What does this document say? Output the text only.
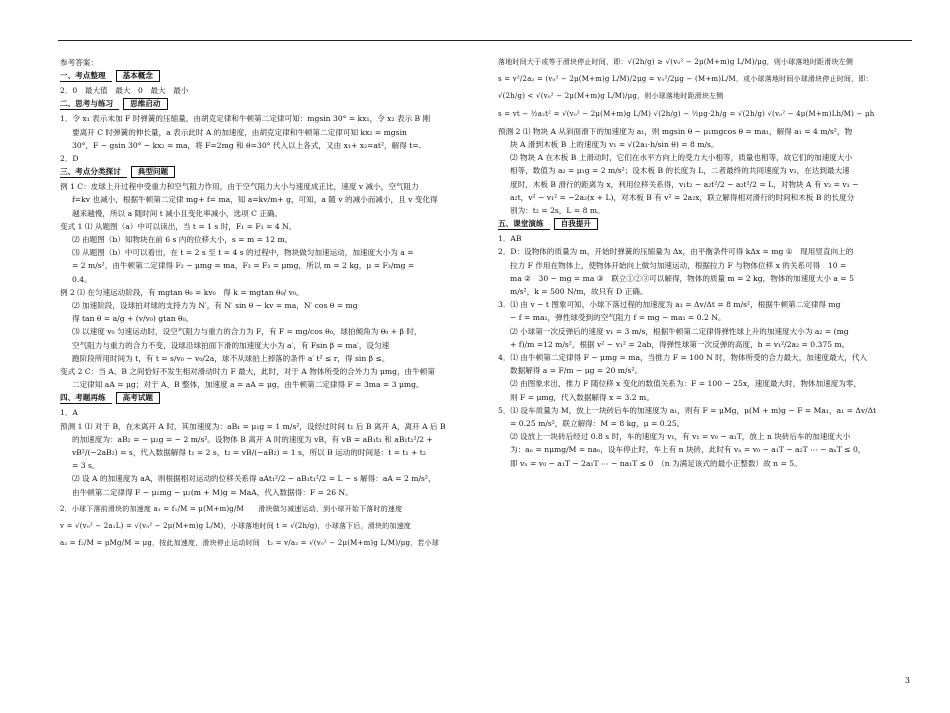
参考答案：

一、考点整理	基本概念

2．0　最大值　最大　0　最大　最小

二、思考与练习	思维启动

1．令 x₁ 表示未加 F 时弹簧的压缩量，由胡克定律和牛顿第二定律可知：mgsin 30° = kx₁，令 x₂ 表示 B 刚

要离开 C 时弹簧的伸长量，a 表示此时 A 的加速度，由胡克定律和牛顿第二定律可知 kx₂ = mgsin

30°，F − gsin 30° − kx₂ = ma，将 F=2mg 和 θ=30° 代入以上各式，又由 x₁+ x₂=at²，解得 t=.

2．D

三、考点分类探讨	典型问题

例 1 C：皮球上升过程中受重力和空气阻力作用，由于空气阻力大小与速度成正比，速度 v 减小，空气阻力

f=kv 也减小，根据牛顿第二定律 mg+ f= ma，知 a=kv/m+ g，可知，a 随 v 的减小而减小，且 v 变化得

越来越慢，所以 a 随时间 t 减小且变化率减小，选项 C 正确。

变式 1 ⑴ 从题图（a）中可以读出，当 t = 1 s 时，F₁ = F₁ = 4 N。

⑵ 由题图（b）知物块在前 6 s 内的位移大小，s = m = 12 m。

⑶ 从题图（b）中可以看出，在 t = 2 s 至 t = 4 s 的过程中，物块做匀加速运动，加速度大小为 a =

= 2 m/s²，由牛顿第二定律得 F₂ − μmg = ma，F₃ = F₃ = μmg，所以 m = 2 kg，μ = F₃/mg =

0.4。

例 2 ⑴ 在匀速运动阶段，有 mgtan θ₀ = kv₀　得 k = mgtan θ₀/ v₀。

⑵ 加速阶段，设球拍对球的支持力为 N′，有 N′ sin θ − kv = ma，N′ cos θ = mg

得 tan θ = a/g + (v/v₀) gtan θ₀。

⑶ 以速度 v₀ 匀速运动时，设空气阻力与重力的合力为 F，有 F = mg/cos θ₀，球拍倾角为 θ₀ + β 时，

空气阻力与重力的合力不变，设球沿球拍面下滑的加速度大小为 a′，有 Fsin β = ma′，设匀速

跑阶段所用时间为 t，有 t = s/v₀ − v₀/2a，球不从球拍上掉落的条件 a′ t² ≤ r，得 sin β ≤。

变式 2 C：当 A、B 之间恰好不发生相对滑动时力 F 最大，此时，对于 A 物体所受的合外力为 μmg，由牛顿第

二定律知 aA = μg；对于 A、B 整体，加速度 a = aA = μg，由牛顿第二定律得 F = 3ma = 3 μmg。

四、考题再练	高考试题

1．A

预测 1 ⑴ 对于 B，在未离开 A 时，其加速度为：aB₁ = μ₁g = 1 m/s²，设经过时间 t₁ 后 B 离开 A，离开 A 后 B

的加速度为：aB₂ = − μ₂g = − 2 m/s²。设物体 B 离开 A 时的速度为 vB，有 vB = aB₁t₁ 和 aB₁t₁²/2 +

vB²/(−2aB₂) = s，代入数据解得 t₁ = 2 s，t₂ = vB/(−aB₂) = 1 s，所以 B 运动的时间是：t = t₁ + t₂

= 3 s。

⑵ 设 A 的加速度为 aA，则根据相对运动的位移关系得 aAt₁²/2 − aB₁t₁²/2 = L − s 解得：aA = 2 m/s²，

由牛顿第二定律得 F − μ₁mg − μ₂(m + M)g = MaA，代入数据得：F = 26 N。

2．小球下落前滑块的加速度 a₁ = f₁/M = μ(M+m)g/M　　滑块做匀减速运动，到小球开始下落时的速度

v = √(v₀² − 2a₁L) = √(v₀² − 2μ(M+m)g L/M)，小球落地时间 t = √(2h/g)，小球落下后，滑块的加速度

a₂ = f₂/M = μMg/M = μg，按此加速度，滑块停止运动时间　t₂ = v/a₂ = √(v₀² − 2μ(M+m)g L/M)/μg，若小球

落地时间大于或等于滑块停止时间，即：√(2h/g) ≥ √(v₀² − 2μ(M+m)g L/M)/μg，则小球落地时距滑块左侧

s = v²/2a₂ = (v₀² − 2μ(M+m)g L/M)/2μg = v₀²/2μg − (M+m)L/M，或小球落地时间小球滑块停止时间，即：

√(2h/g) < √(v₀² − 2μ(M+m)g L/M)/μg，则小球落地时距滑块左侧

s = vt − ½a₂t² = √(v₀² − 2μ(M+m)g L/M) √(2h/g) − ½μg·2h/g = √(2h/g) √(v₀² − 4μ(M+m)Lh/M) − μh

预测 2 ⑴ 物块 A 从斜面滑下的加速度为 a₁，则 mgsin θ − μ₁mgcos θ = ma₁，解得 a₁ = 4 m/s²，物

块 A 滑到木板 B 上的速度为 v₁ = √(2a₁·h/sin θ) = 8 m/s。

⑵ 物块 A 在木板 B 上滑动时，它们在水平方向上的受力大小相等，质量也相等，故它们的加速度大小

相等，数值为 a₂ = μ₁g = 2 m/s²；设木板 B 的长度为 L，二者最终的共同速度为 v₂，在达到最大速

度时，木板 B 滑行的距离为 x，利用位移关系得，v₁t₂ − a₂t²/2 − a₂t²/2 = L，对物块 A 有 v₂ = v₁ −

a₂t，v² − v₁² = −2a₂(x + L)，对木板 B 有 v² = 2a₂x，联立解得相对滑行的时间和木板 B 的长度分

别为：t₂ = 2s，L = 8 m。

五、课堂演练	自我提升

1．AB

2．D：设物体的质量为 m，开始时弹簧的压缩量为 Δx，由平衡条件可得 kΔx = mg ①　现用竖直向上的

拉力 F 作用在物体上，使物体开始向上做匀加速运动，根据拉力 F 与物体位移 x 的关系可得　10 =

ma ②　30 − mg = ma ③　联立①②③可以解得，物体的质量 m = 2 kg，物体的加速度大小 a = 5

m/s²，k = 500 N/m，故只有 D 正确。

3．⑴ 由 v − t 图象可知，小球下落过程的加速度为 a₁ = Δv/Δt = 8 m/s²，根据牛顿第二定律得 mg

− f = ma₁，弹性球受到的空气阻力 f = mg − ma₁ = 0.2 N。

⑵ 小球第一次反弹后的速度 v₁ = 3 m/s，根据牛顿第二定律得弹性球上升的加速度大小为 a₂ = (mg

+ f)/m =12 m/s²，根据 v² − v₁² = 2ab，得弹性球第一次反弹的高度，h = v₁²/2a₂ = 0.375 m。

4．⑴ 由牛顿第二定律得 F − μmg = ma，当推力 F = 100 N 时，物体所受的合力最大，加速度最大，代入

数据解得 a = F/m − μg = 20 m/s²。

⑵ 由图象求出，推力 F 随位移 x 变化的数值关系为：F = 100 − 25x，速度最大时，物体加速度为零，

则 F = μmg，代入数据解得 x = 3.2 m。

5．⑴ 设车质量为 M，放上一块砖后车的加速度为 a₁，则有 F = μMg，μ(M + m)g − F = Ma₁，a₁ = Δv/Δt

= 0.25 m/s²，联立解得：M = 8 kg，μ = 0.25。

⑵ 设放上一块砖后经过 0.8 s 时，车的速度为 v₁，有 v₁ = v₀ − a₁T，放上 n 块砖后车的加速度大小

为：aₙ = nμmg/M = naₙ，设车停止时，车上有 n 块砖，此时有 vₙ = v₀ − a₁T − a₂T ⋯ − aₙT ≤ 0，

即 vₙ = v₀ − a₁T − 2a₁T ⋯ − na₁T ≤ 0　（n 为满足该式的最小正整数）故 n = 5。

3
